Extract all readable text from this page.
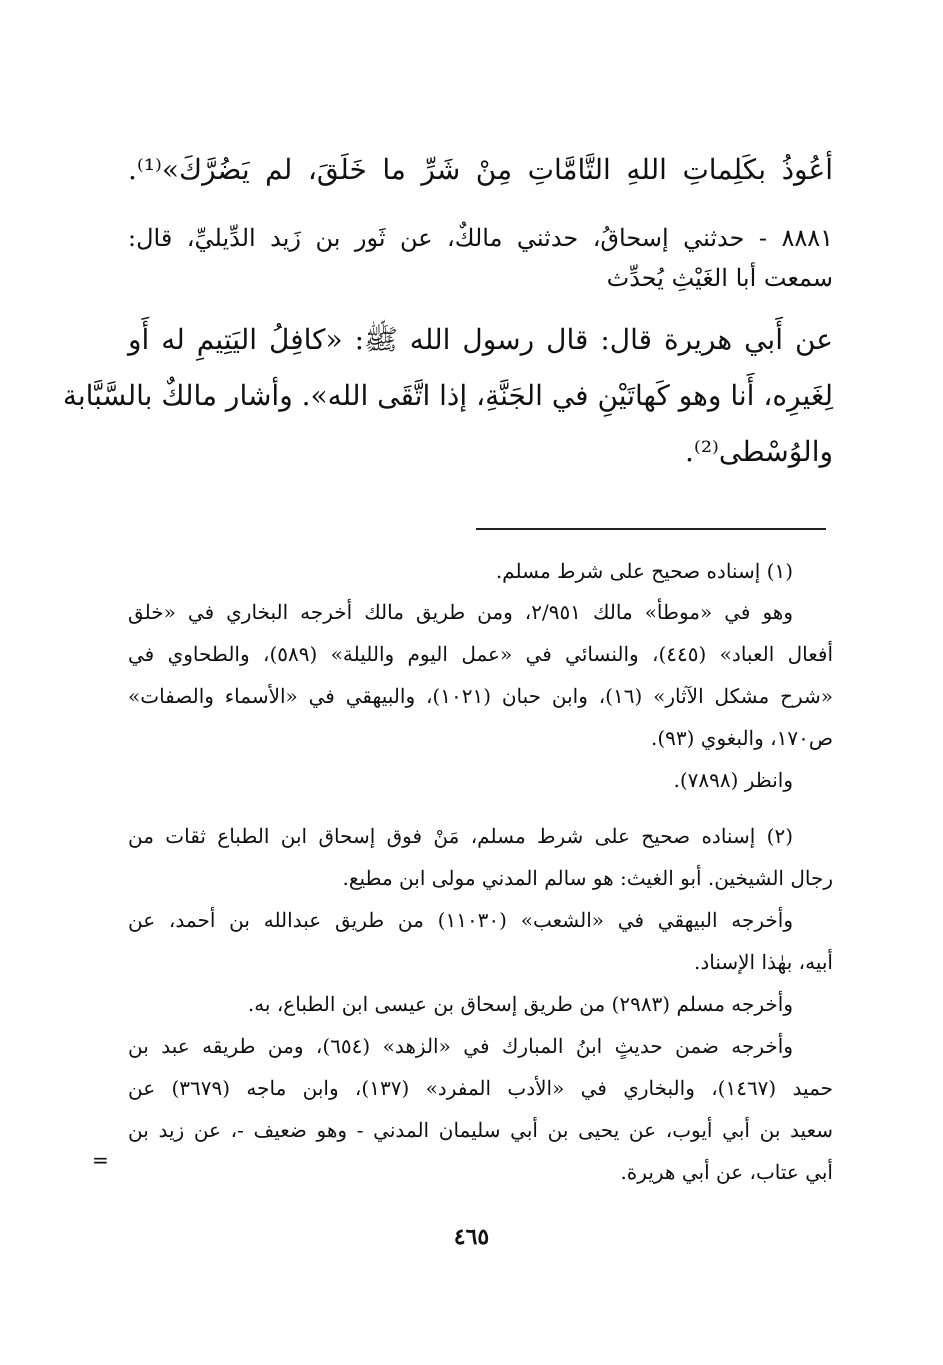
أعُوذُ بكَلِماتِ اللهِ التَّامَّاتِ مِنْ شَرِّ ما خَلَقَ، لم يَضُرَّكَ»⁽¹⁾.
٨٨٨١ - حدثني إسحاقُ، حدثني مالكٌ، عن ثَور بن زَيد الدِّيليِّ، قال:
سمعت أبا الغَيْثِ يُحدِّث
عن أَبي هريرة قال: قال رسول الله ﷺ: «كافِلُ اليَتِيمِ له أَو
لِغَيرِه، أَنا وهو كَهاتَيْنِ في الجَنَّةِ، إذا اتَّقَى الله». وأشار مالكٌ بالسَّبَّابة
والوُسْطى⁽²⁾.
(١) إسناده صحيح على شرط مسلم.
وهو في «موطأ» مالك ٢/٩٥١، ومن طريق مالك أخرجه البخاري في «خلق
أفعال العباد» (٤٤٥)، والنسائي في «عمل اليوم والليلة» (٥٨٩)، والطحاوي في
«شرح مشكل الآثار» (١٦)، وابن حبان (١٠٢١)، والبيهقي في «الأسماء والصفات»
ص١٧٠، والبغوي (٩٣).
وانظر (٧٨٩٨).
(٢) إسناده صحيح على شرط مسلم، مَنْ فوق إسحاق ابن الطباع ثقات من
رجال الشيخين. أبو الغيث: هو سالم المدني مولى ابن مطيع.
وأخرجه البيهقي في «الشعب» (١١٠٣٠) من طريق عبدالله بن أحمد، عن
أبيه، بهٰذا الإسناد.
وأخرجه مسلم (٢٩٨٣) من طريق إسحاق بن عيسى ابن الطباع، به.
وأخرجه ضمن حديثٍ ابنُ المبارك في «الزهد» (٦٥٤)، ومن طريقه عبد بن
حميد (١٤٦٧)، والبخاري في «الأدب المفرد» (١٣٧)، وابن ماجه (٣٦٧٩) عن
سعيد بن أبي أيوب، عن يحيى بن أبي سليمان المدني - وهو ضعيف -، عن زيد بن
أبي عتاب، عن أبي هريرة.
=
٤٦٥
